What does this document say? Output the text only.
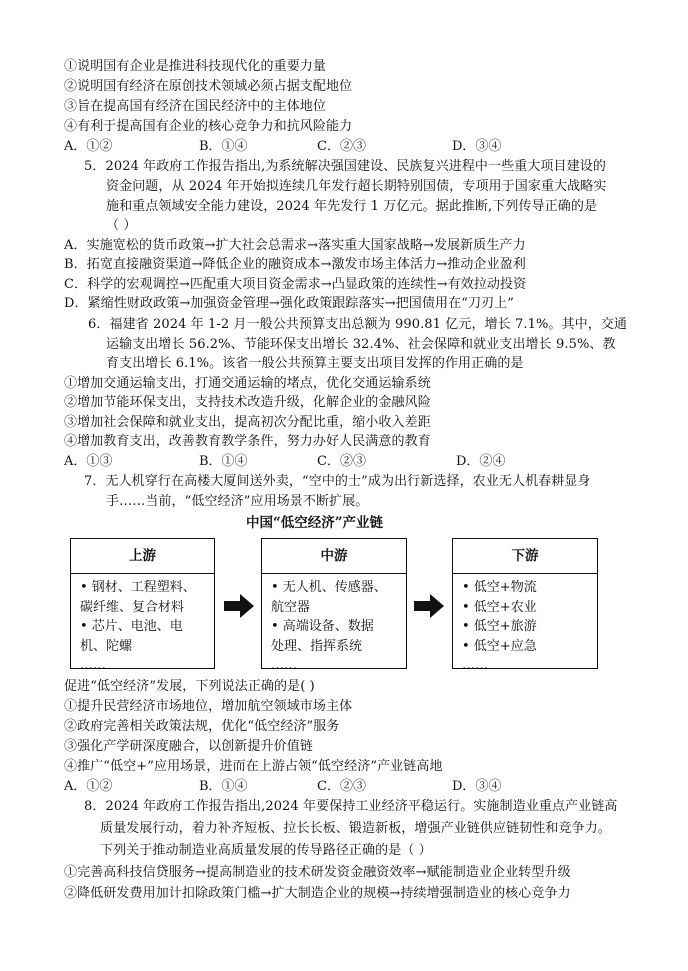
①说明国有企业是推进科技现代化的重要力量
②说明国有经济在原创技术领域必须占据支配地位
③旨在提高国有经济在国民经济中的主体地位
④有利于提高国有企业的核心竞争力和抗风险能力
A．①②	B．①④	C．②③	D．③④
5．2024 年政府工作报告指出,为系统解决强国建设、民族复兴进程中一些重大项目建设的
资金问题，从 2024 年开始拟连续几年发行超长期特别国债，专项用于国家重大战略实
施和重点领域安全能力建设，2024 年先发行 1 万亿元。据此推断,下列传导正确的是
（ ）
A．实施宽松的货币政策→扩大社会总需求→落实重大国家战略→发展新质生产力
B．拓宽直接融资渠道→降低企业的融资成本→激发市场主体活力→推动企业盈利
C．科学的宏观调控→匹配重大项目资金需求→凸显政策的连续性→有效拉动投资
D．紧缩性财政政策→加强资金管理→强化政策跟踪落实→把国债用在“刀刃上”
6．福建省 2024 年 1-2 月一般公共预算支出总额为 990.81 亿元，增长 7.1%。其中，交通
运输支出增长 56.2%、节能环保支出增长 32.4%、社会保障和就业支出增长 9.5%、教
育支出增长 6.1%。该省一般公共预算主要支出项目发挥的作用正确的是
①增加交通运输支出，打通交通运输的堵点，优化交通运输系统
②增加节能环保支出，支持技术改造升级，化解企业的金融风险
③增加社会保障和就业支出，提高初次分配比重，缩小收入差距
④增加教育支出，改善教育教学条件，努力办好人民满意的教育
A．①③	B．①④	C．②③	D．②④
7．无人机穿行在高楼大厦间送外卖，“空中的士”成为出行新选择，农业无人机春耕显身
手……当前，“低空经济”应用场景不断扩展。
中国“低空经济”产业链
上游
• 钢材、工程塑料、
碳纤维、复合材料
• 芯片、电池、电
机、陀螺
……
中游
• 无人机、传感器、
航空器
• 高端设备、数据
处理、指挥系统
……
下游
• 低空+物流
• 低空+农业
• 低空+旅游
• 低空+应急
……
促进“低空经济”发展，下列说法正确的是( )
①提升民营经济市场地位，增加航空领域市场主体
②政府完善相关政策法规，优化“低空经济”服务
③强化产学研深度融合，以创新提升价值链
④推广“低空+”应用场景，进而在上游占领“低空经济”产业链高地
A．①②	B．①④	C．②③	D．③④
8．2024 年政府工作报告指出,2024 年要保持工业经济平稳运行。实施制造业重点产业链高
质量发展行动，着力补齐短板、拉长长板、锻造新板，增强产业链供应链韧性和竞争力。
下列关于推动制造业高质量发展的传导路径正确的是（ ）
①完善高科技信贷服务→提高制造业的技术研发资金融资效率→赋能制造业企业转型升级
②降低研发费用加计扣除政策门槛→扩大制造企业的规模→持续增强制造业的核心竞争力
